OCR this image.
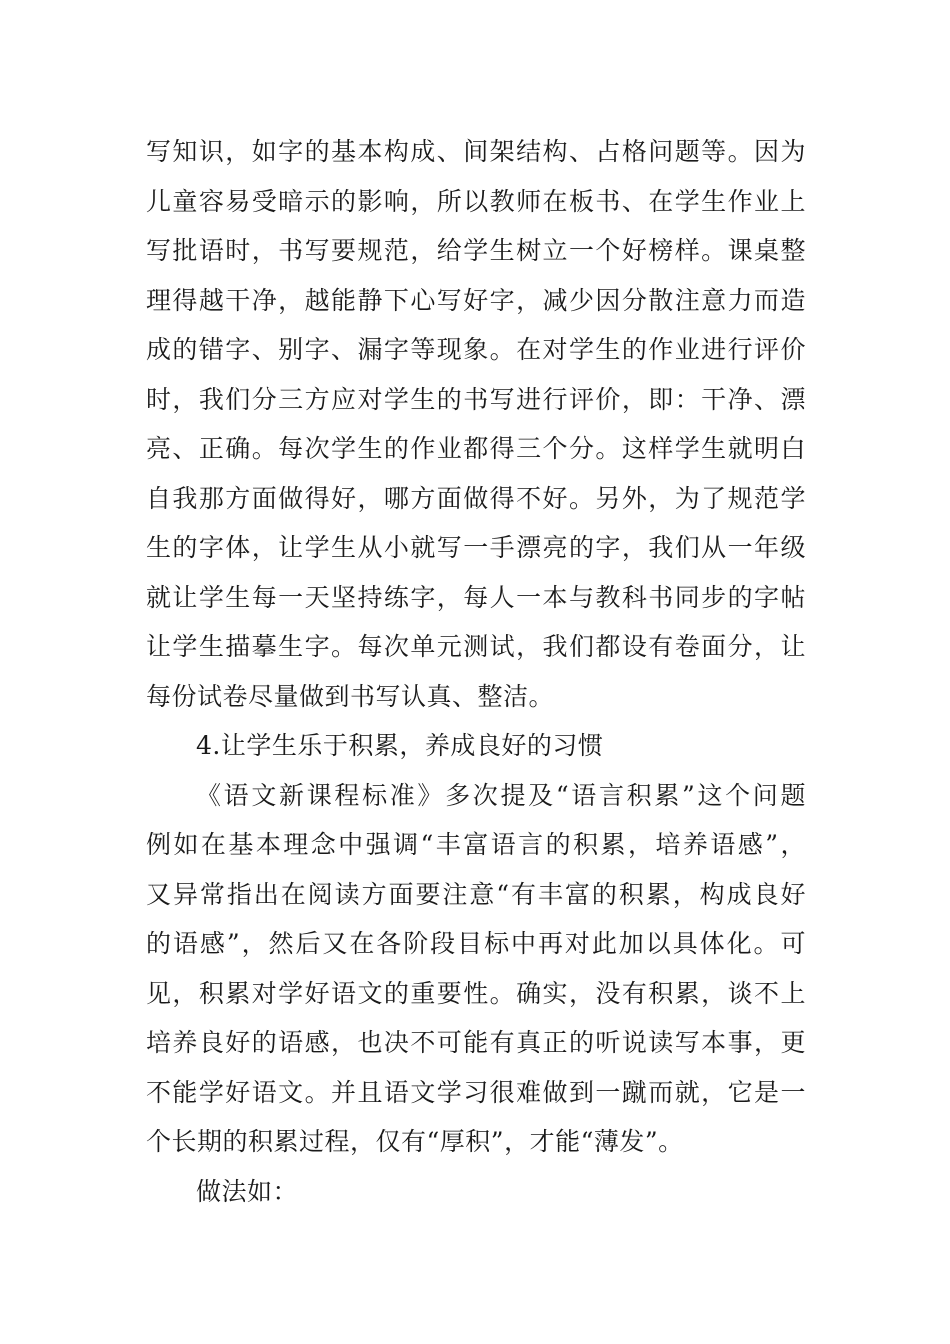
写知识，如字的基本构成、间架结构、占格问题等。因为
儿童容易受暗示的影响，所以教师在板书、在学生作业上
写批语时，书写要规范，给学生树立一个好榜样。课桌整
理得越干净，越能静下心写好字，减少因分散注意力而造
成的错字、别字、漏字等现象。在对学生的作业进行评价
时，我们分三方应对学生的书写进行评价，即：干净、漂
亮、正确。每次学生的作业都得三个分。这样学生就明白
自我那方面做得好，哪方面做得不好。另外，为了规范学
生的字体，让学生从小就写一手漂亮的字，我们从一年级
就让学生每一天坚持练字，每人一本与教科书同步的字帖
让学生描摹生字。每次单元测试，我们都设有卷面分，让
每份试卷尽量做到书写认真、整洁。
4.让学生乐于积累，养成良好的习惯
《语文新课程标准》多次提及“语言积累”这个问题
例如在基本理念中强调“丰富语言的积累，培养语感”，
又异常指出在阅读方面要注意“有丰富的积累，构成良好
的语感”，然后又在各阶段目标中再对此加以具体化。可
见，积累对学好语文的重要性。确实，没有积累，谈不上
培养良好的语感，也决不可能有真正的听说读写本事，更
不能学好语文。并且语文学习很难做到一蹴而就，它是一
个长期的积累过程，仅有“厚积”，才能“薄发”。
做法如：
